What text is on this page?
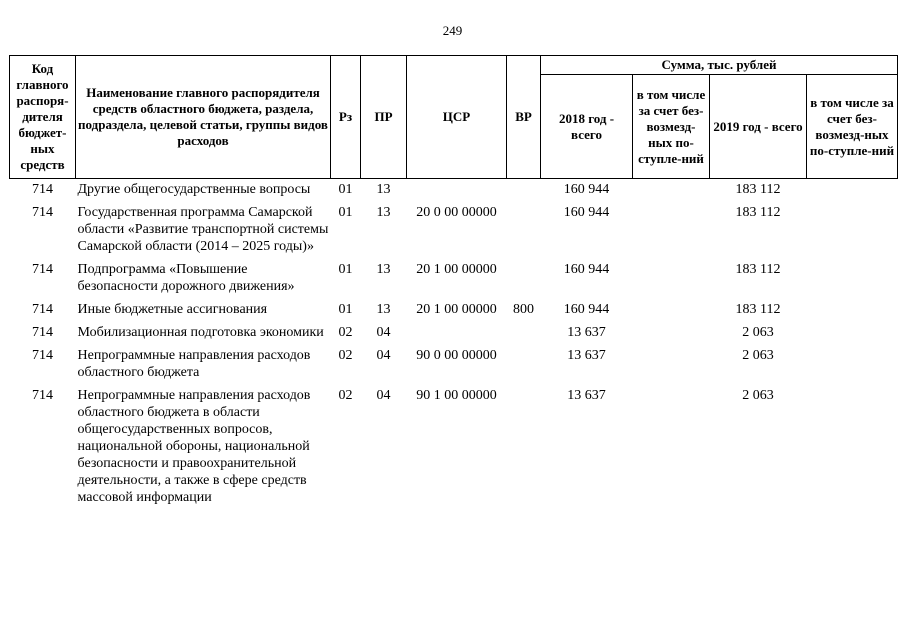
249
Код главного распоря-дителя бюджет-ных средств	Наименование главного распорядителя средств областного бюджета, раздела, подраздела, целевой статьи, группы видов расходов	Рз	ПР	ЦСР	ВР	Сумма, тыс. рублей			
						2018 год - всего	в том числе за счет без-возмезд-ных по-ступле-ний	2019 год - всего	в том числе за счет без-возмезд-ных по-ступле-ний
714	Другие общегосударственные вопросы	01	13			160 944		183 112	
714	Государственная программа Самарской области «Развитие транспортной системы Самарской области (2014 – 2025 годы)»	01	13	20 0 00 00000		160 944		183 112	
714	Подпрограмма «Повышение безопасности дорожного движения»	01	13	20 1 00 00000		160 944		183 112	
714	Иные бюджетные ассигнования	01	13	20 1 00 00000	800	160 944		183 112	
714	Мобилизационная подготовка экономики	02	04			13 637		2 063	
714	Непрограммные направления расходов областного бюджета	02	04	90 0 00 00000		13 637		2 063	
714	Непрограммные направления расходов областного бюджета в области общегосударственных вопросов, национальной обороны, национальной безопасности и правоохранительной деятельности, а также в сфере средств массовой информации	02	04	90 1 00 00000		13 637		2 063	
